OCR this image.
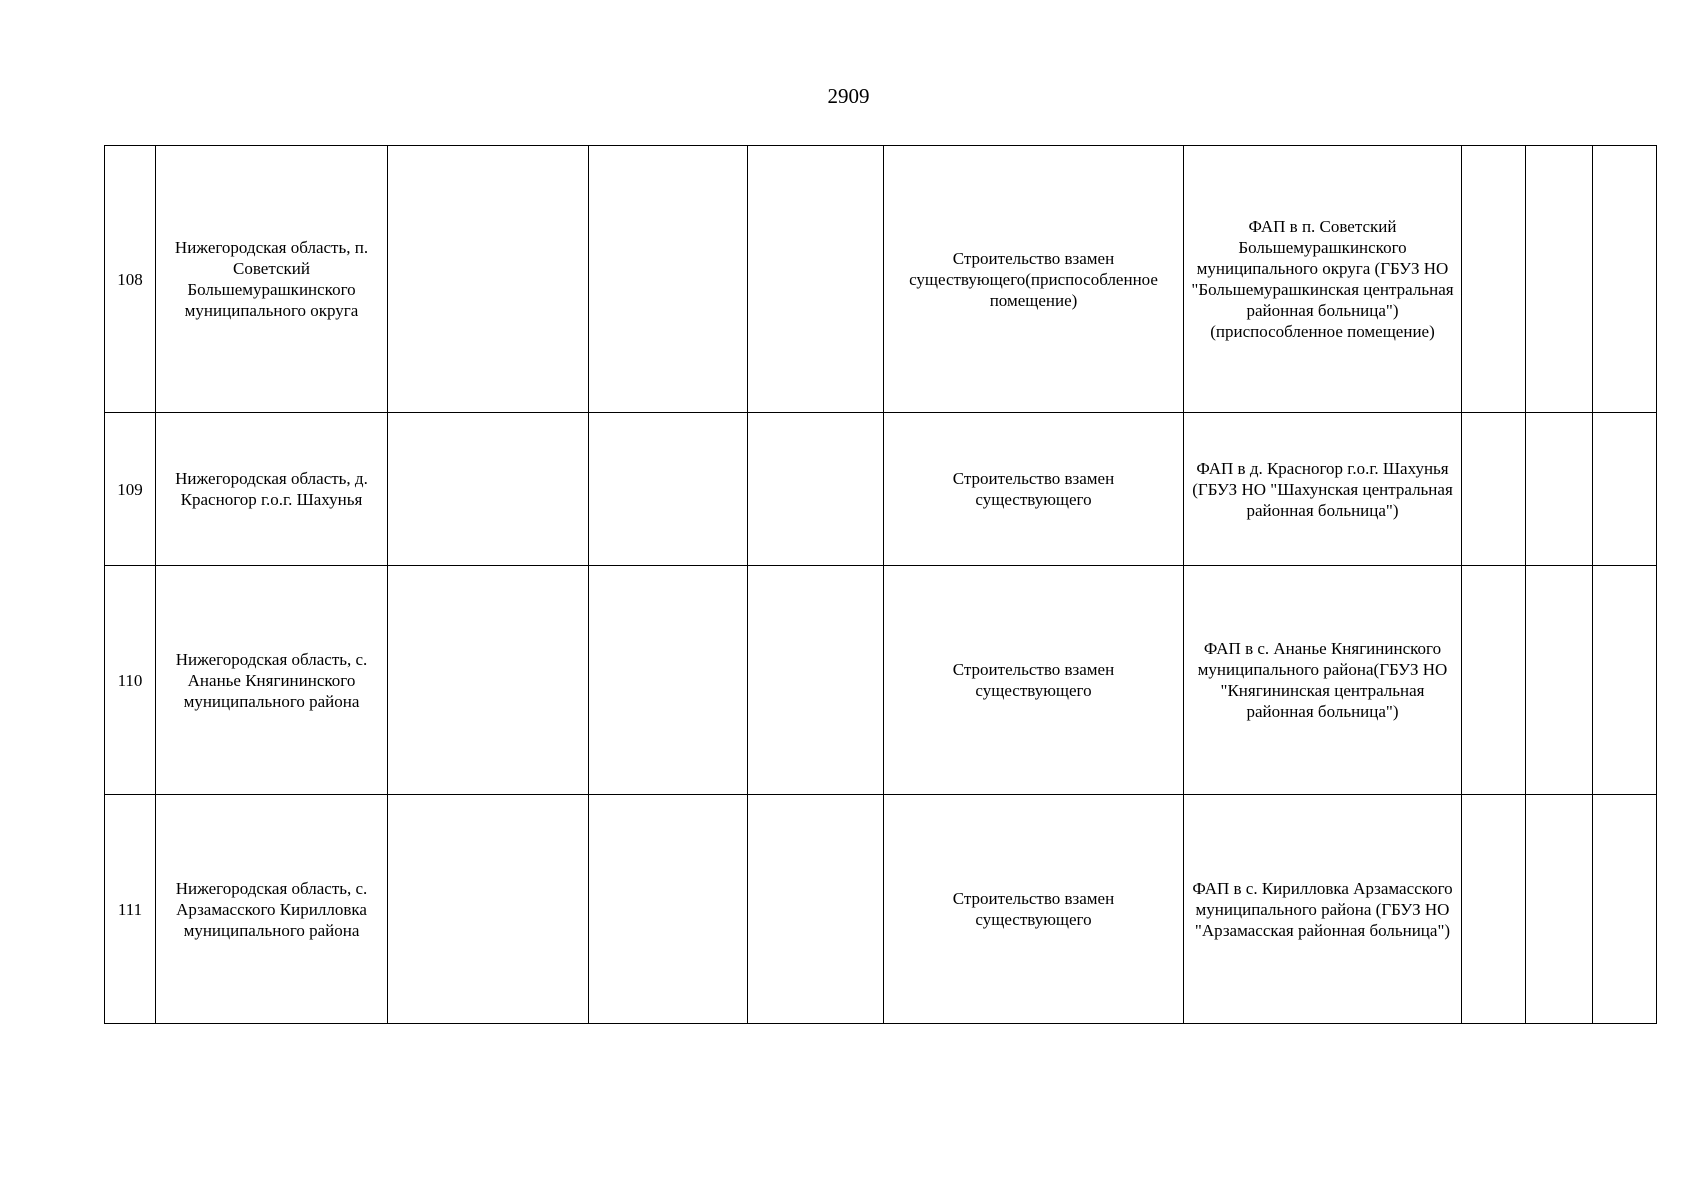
2909
108	Нижегородская область, п. Советский Большемурашкинского муниципального округа				Строительство взамен
существующего(приспособленное
помещение)	ФАП в п. Советский Большемурашкинского муниципального округа (ГБУЗ НО "Большемурашкинская центральная районная больница")(приспособленное помещение)			
109	Нижегородская область, д. Красногор г.о.г. Шахунья				Строительство взамен
существующего	ФАП в д. Красногор г.о.г. Шахунья (ГБУЗ НО "Шахунская центральная районная больница")			
110	Нижегородская область, с. Ананье Княгининского муниципального района				Строительство взамен
существующего	ФАП в с. Ананье Княгининского муниципального района(ГБУЗ НО "Княгининская центральная районная больница")			
111	Нижегородская область, с. Арзамасского Кирилловка муниципального района				Строительство взамен
существующего	ФАП в с. Кирилловка Арзамасского муниципального района (ГБУЗ НО "Арзамасская районная больница")			
